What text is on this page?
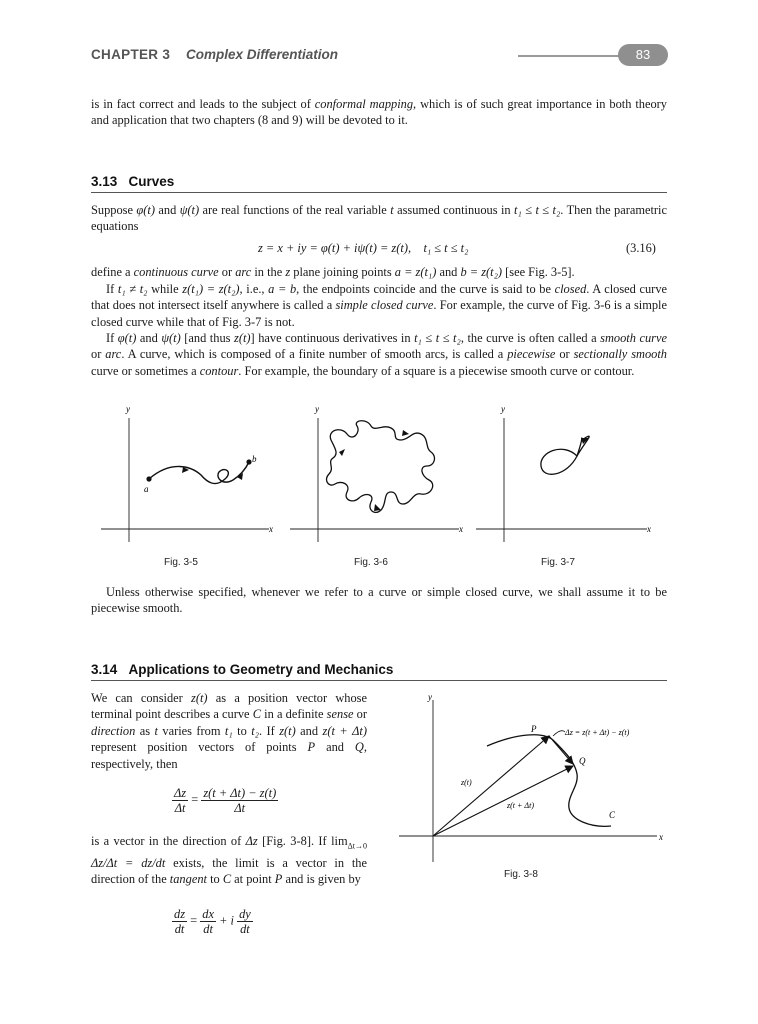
CHAPTER 3 Complex Differentiation	83
is in fact correct and leads to the subject of conformal mapping, which is of such great importance in both theory and application that two chapters (8 and 9) will be devoted to it.
3.13 Curves
Suppose φ(t) and ψ(t) are real functions of the real variable t assumed continuous in t₁ ≤ t ≤ t₂. Then the parametric equations
z = x + iy = φ(t) + iψ(t) = z(t), t₁ ≤ t ≤ t₂	(3.16)
define a continuous curve or arc in the z plane joining points a = z(t₁) and b = z(t₂) [see Fig. 3-5].
If t₁ ≠ t₂ while z(t₁) = z(t₂), i.e., a = b, the endpoints coincide and the curve is said to be closed. A closed curve that does not intersect itself anywhere is called a simple closed curve. For example, the curve of Fig. 3-6 is a simple closed curve while that of Fig. 3-7 is not.
If φ(t) and ψ(t) [and thus z(t)] have continuous derivatives in t₁ ≤ t ≤ t₂, the curve is often called a smooth curve or arc. A curve, which is composed of a finite number of smooth arcs, is called a piecewise or sectionally smooth curve or sometimes a contour. For example, the boundary of a square is a piecewise smooth curve or contour.
y
x
a
b
y
x
y
x
Fig. 3-5	Fig. 3-6	Fig. 3-7
Unless otherwise specified, whenever we refer to a curve or simple closed curve, we shall assume it to be piecewise smooth.
3.14 Applications to Geometry and Mechanics
We can consider z(t) as a position vector whose terminal point describes a curve C in a definite sense or direction as t varies from t₁ to t₂. If z(t) and z(t + Δt) represent position vectors of points P and Q, respectively, then
$\frac{\Delta z}{\Delta t} = \frac{z(t + \Delta t) - z(t)}{\Delta t}$
is a vector in the direction of Δz [Fig. 3-8]. If $\lim_{\Delta t\to 0} \Delta z/\Delta t = dz/dt$ exists, the limit is a vector in the direction of the tangent to C at point P and is given by
$\frac{dz}{dt} = \frac{dx}{dt} + i \frac{dy}{dt}$
y
x
P
Q
C
Δz = z(t + Δt) − z(t)
z(t)
z(t + Δt)
Fig. 3-8
